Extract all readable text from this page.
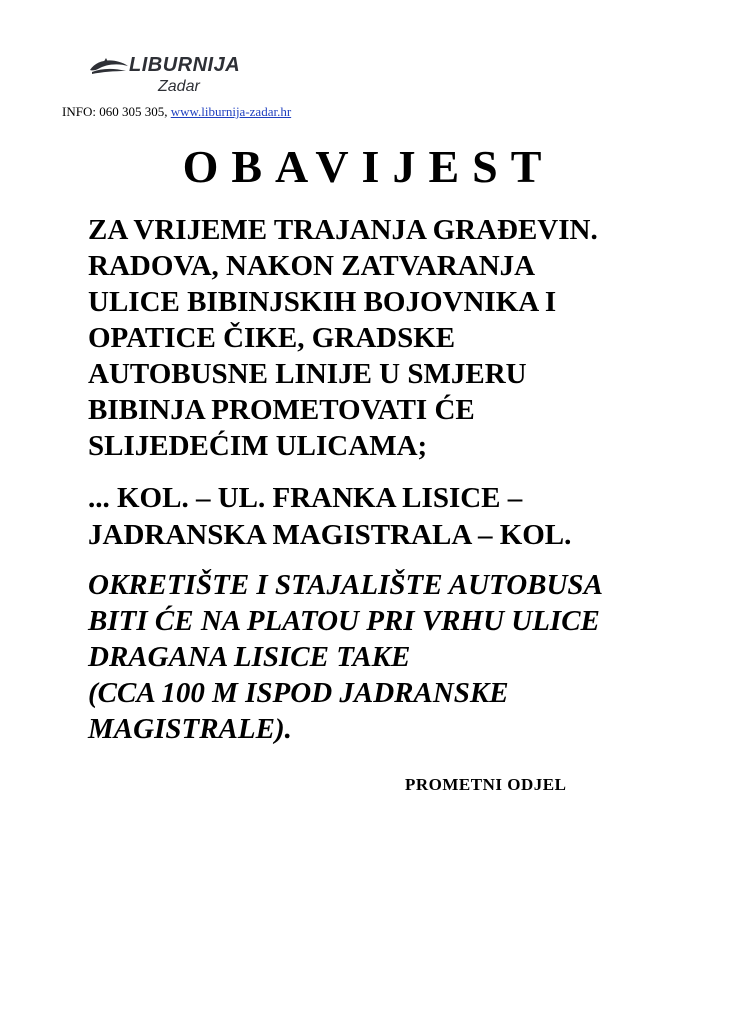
LIBURNIJA
Zadar
INFO: 060 305 305, www.liburnija-zadar.hr
OBAVIJEST

ZA VRIJEME TRAJANJA GRAĐEVIN.
RADOVA, NAKON ZATVARANJA
ULICE BIBINJSKIH BOJOVNIKA I
OPATICE ČIKE, GRADSKE
AUTOBUSNE LINIJE U SMJERU
BIBINJA PROMETOVATI ĆE
SLIJEDEĆIM ULICAMA;

... KOL. – UL. FRANKA LISICE –
JADRANSKA MAGISTRALA – KOL.

OKRETIŠTE I STAJALIŠTE AUTOBUSA
BITI ĆE NA PLATOU PRI VRHU ULICE
DRAGANA LISICE TAKE
(CCA 100 M ISPOD JADRANSKE
MAGISTRALE).

PROMETNI ODJEL
